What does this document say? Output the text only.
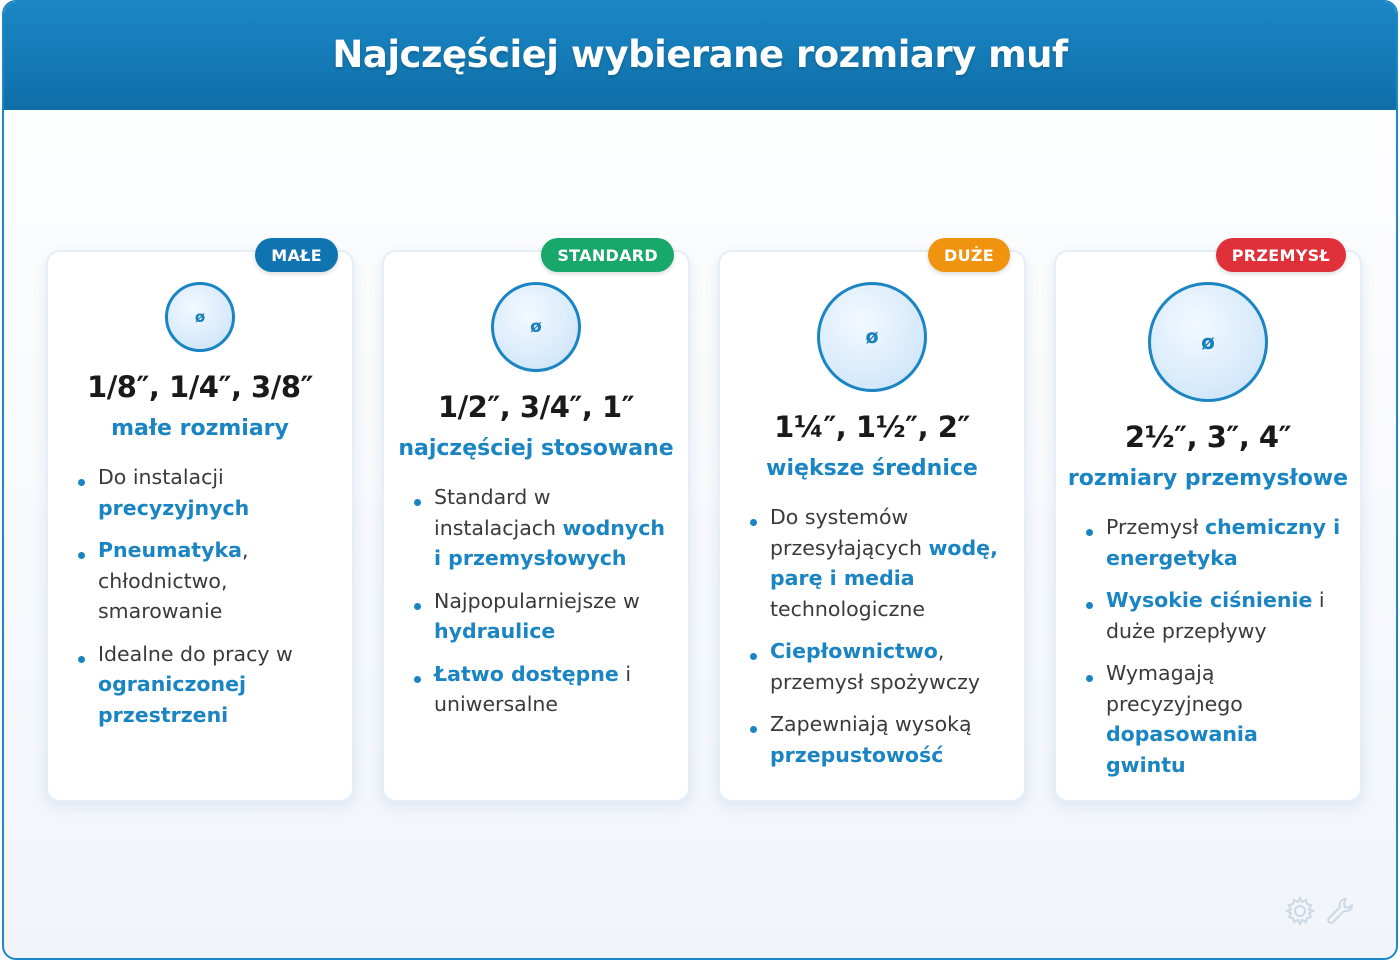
Najczęściej wybierane rozmiary muf
MAŁE
ø
1/8″, 1/4″, 3/8″
małe rozmiary
Do instalacji precyzyjnych
Pneumatyka, chłodnictwo, smarowanie
Idealne do pracy w ograniczonej przestrzeni
STANDARD
ø
1/2″, 3/4″, 1″
najczęściej stosowane
Standard w instalacjach wodnych i przemysłowych
Najpopularniejsze w hydraulice
Łatwo dostępne i uniwersalne
DUŻE
ø
1¼″, 1½″, 2″
większe średnice
Do systemów przesyłających wodę, parę i media technologiczne
Ciepłownictwo, przemysł spożywczy
Zapewniają wysoką przepustowość
PRZEMYSŁ
ø
2½″, 3″, 4″
rozmiary przemysłowe
Przemysł chemiczny i energetyka
Wysokie ciśnienie i duże przepływy
Wymagają precyzyjnego dopasowania gwintu
